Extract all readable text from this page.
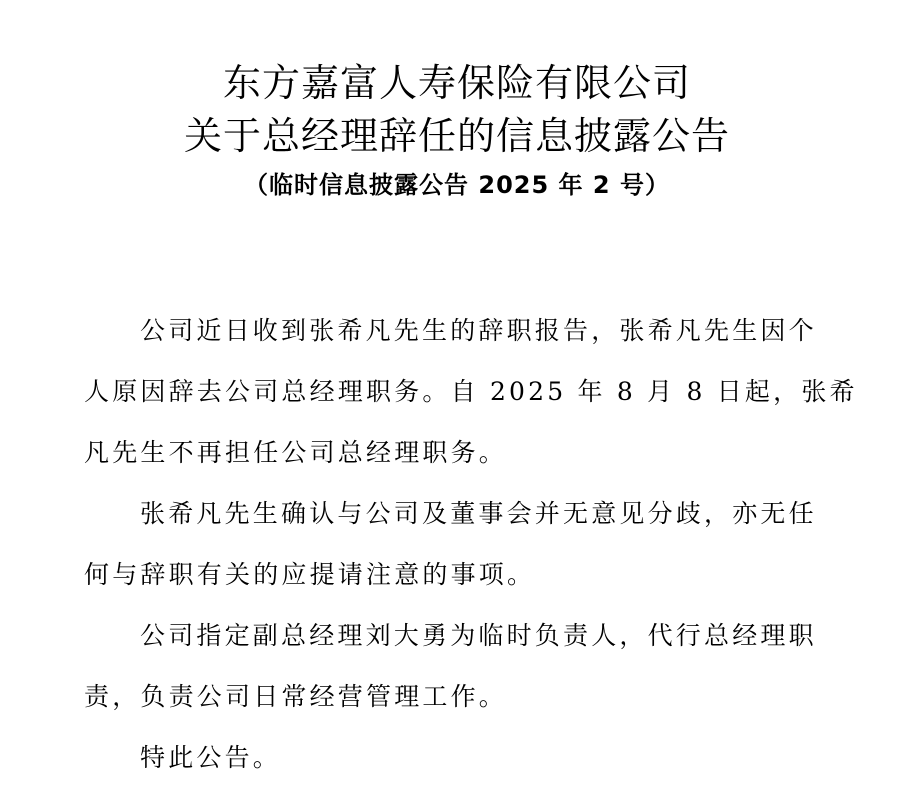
东方嘉富人寿保险有限公司
关于总经理辞任的信息披露公告
（临时信息披露公告 2025 年 2 号）
公司近日收到张希凡先生的辞职报告，张希凡先生因个
人原因辞去公司总经理职务。自 2025 年 8 月 8 日起，张希
凡先生不再担任公司总经理职务。
张希凡先生确认与公司及董事会并无意见分歧，亦无任
何与辞职有关的应提请注意的事项。
公司指定副总经理刘大勇为临时负责人，代行总经理职
责，负责公司日常经营管理工作。
特此公告。
